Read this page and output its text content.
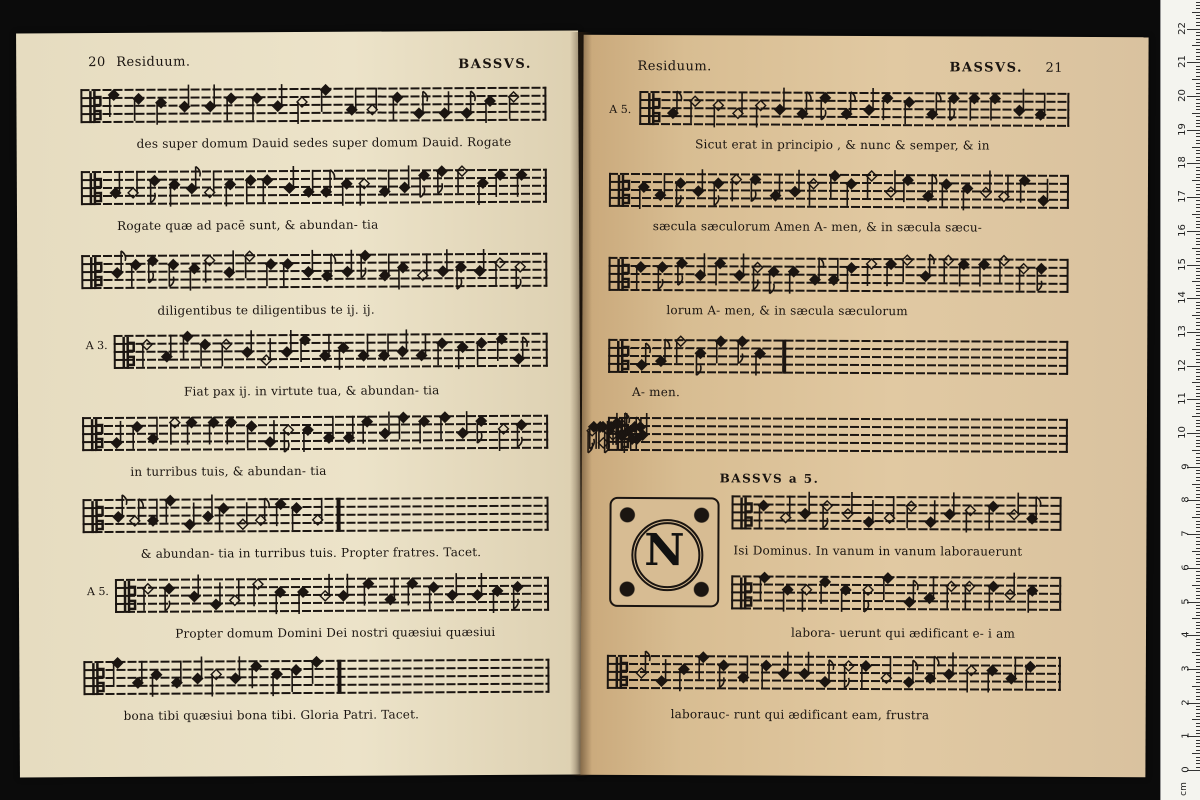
20 Residuum.	BASSVS.
A 3.
A 5.
des super domum Dauid sedes super domum Dauid. Rogate
Rogate quæ ad pacē sunt, & abundan- tia
diligentibus te diligentibus te ij. ij.
Fiat pax ij. in virtute tua, & abundan- tia
in turribus tuis, & abundan- tia
& abundan- tia in turribus tuis. Propter fratres. Tacet.
Propter domum Domini Dei nostri quæsiui quæsiui
bona tibi quæsiui bona tibi. Gloria Patri. Tacet.
Residuum.	BASSVS. 21
A 5.
Sicut erat in principio , & nunc & semper, & in
sæcula sæculorum Amen A- men, & in sæcula sæcu-
lorum A- men, & in sæcula sæculorum
A- men.
BASSVS a 5.
N	Isi Dominus. In vanum in vanum laborauerunt
labora- uerunt qui ædificant e- i am
laborauc- runt qui ædificant eam, frustra
cm
0
1
2
3
4
5
6
7
8
9
10
11
12
13
14
15
16
17
18
19
20
21
22
